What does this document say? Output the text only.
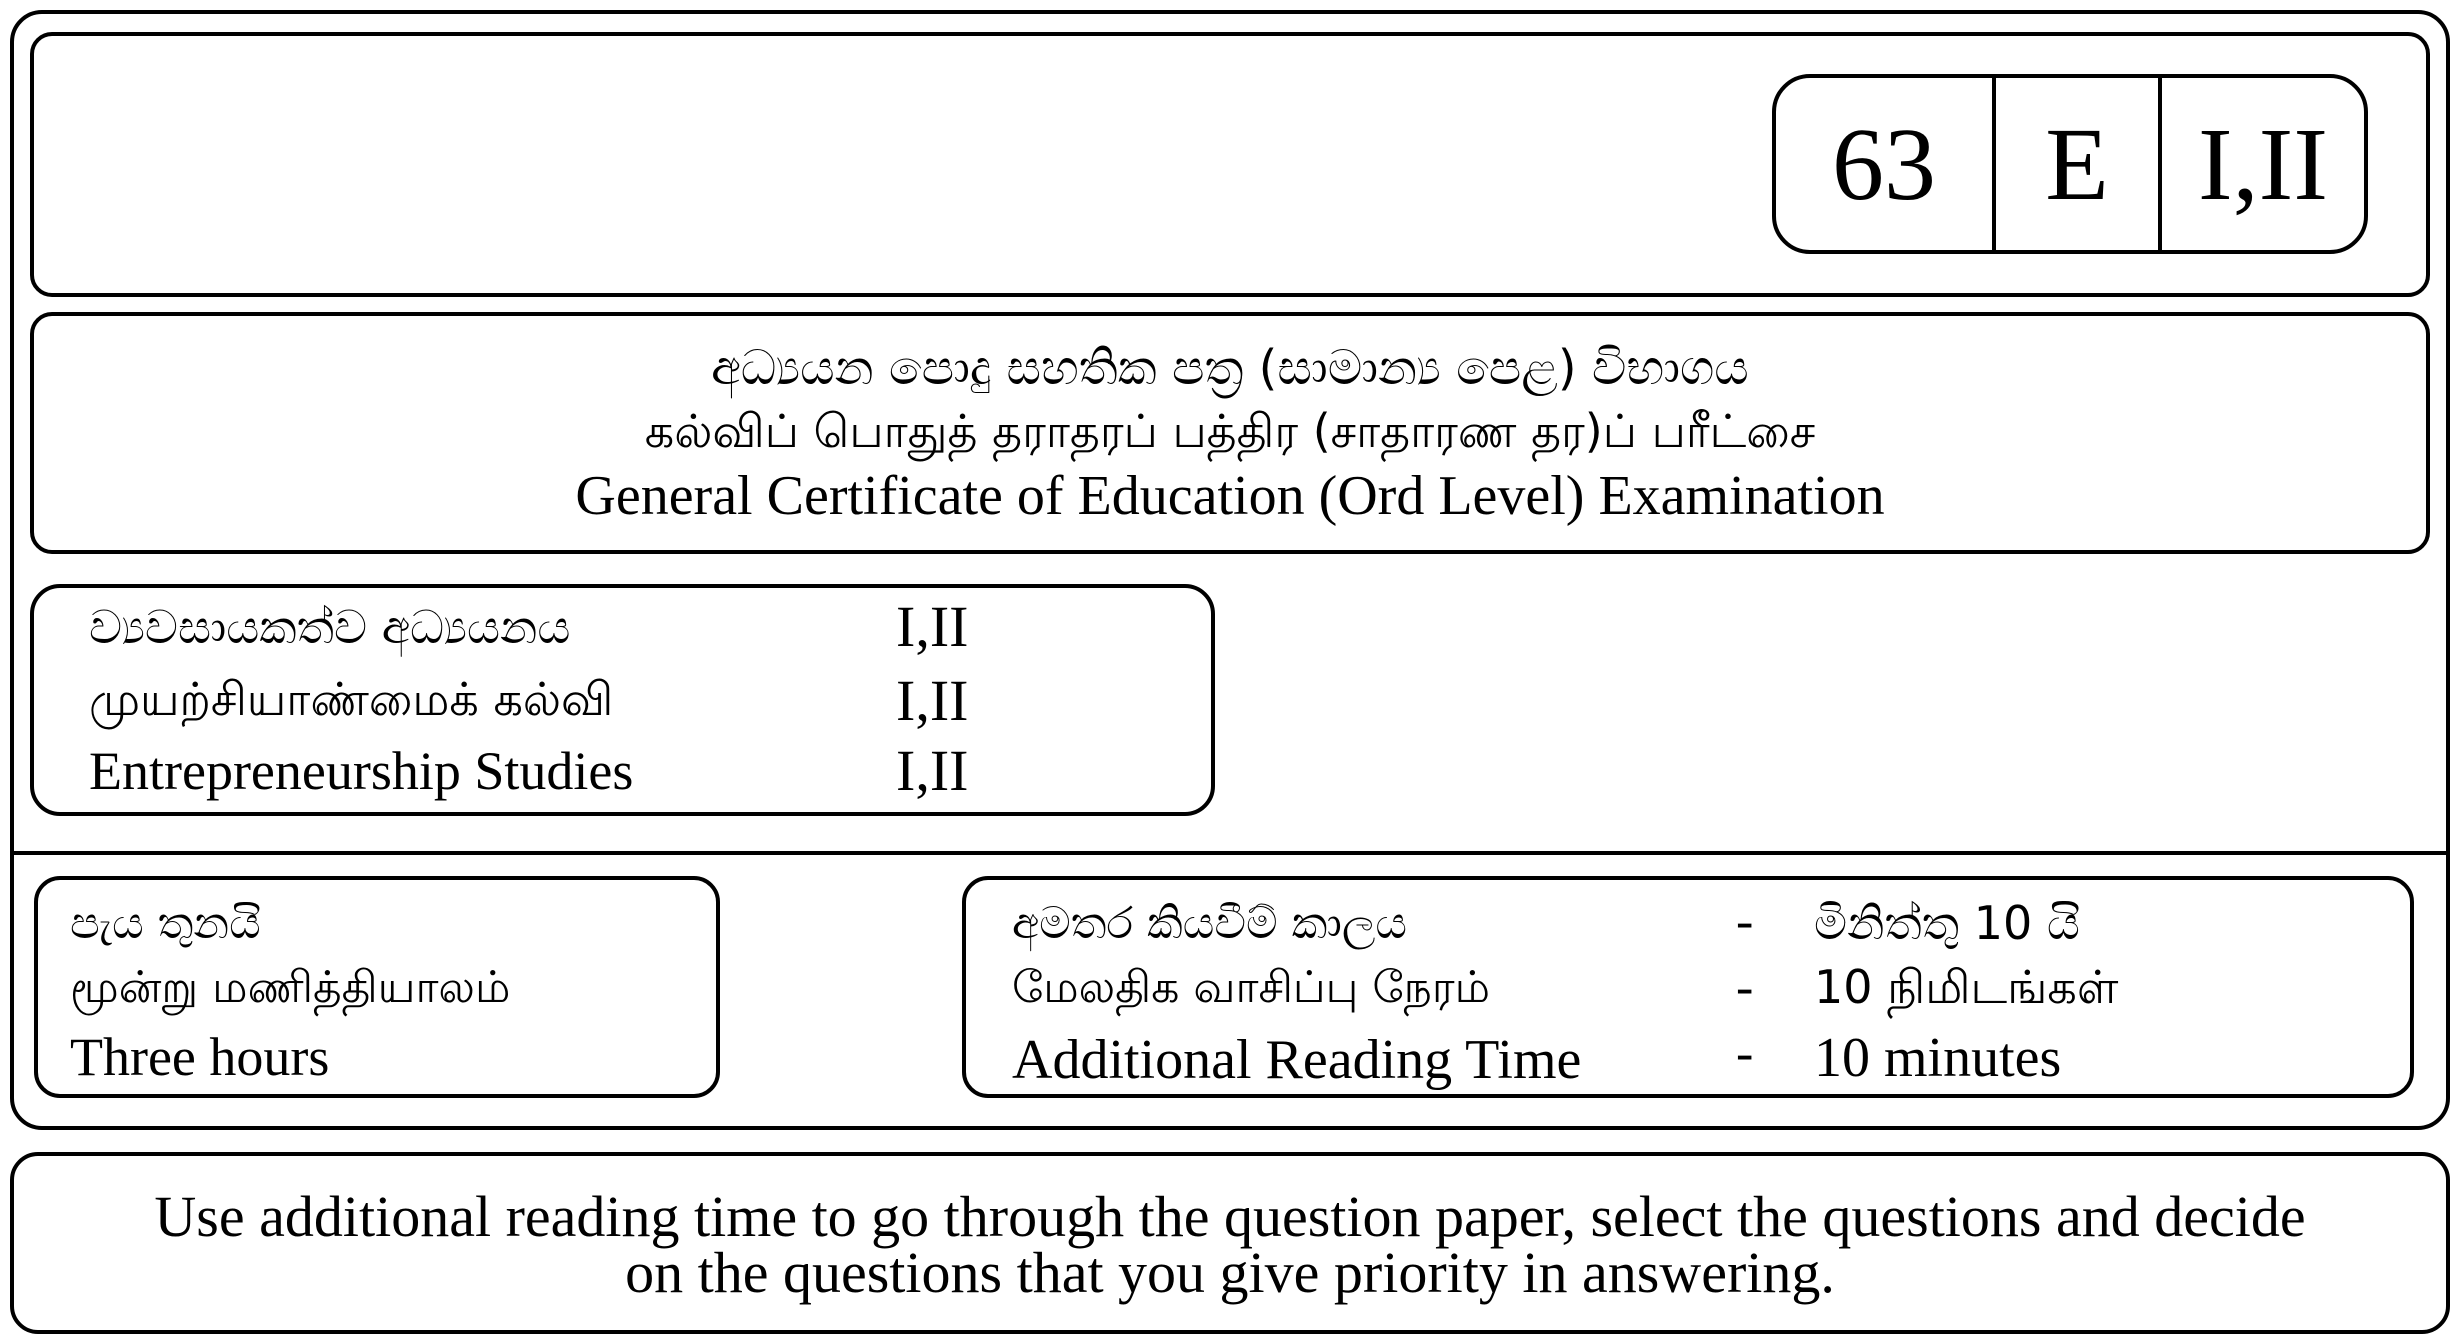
63	E I,II
අධ්‍යයන පොදු සහතික පත්‍ර (සාමාන්‍ය පෙළ) විභාගය
கல்விப் பொதுத் தராதரப் பத்திர (சாதாரண தர)ப் பரீட்சை
General Certificate of Education (Ord Level) Examination
ව්‍යවසායකත්ව අධ්‍යයනය	I,II
முயற்சியாண்மைக் கல்வி	I,II
Entrepreneurship Studies	I,II
පැය තුනයි
மூன்று மணித்தியாலம்
Three hours
අමතර කියවීම් කාලය	- මිනිත්තු 10 යි
மேலதிக வாசிப்பு நேரம்	- 10 நிமிடங்கள்
Additional Reading Time	- 10 minutes
Use additional reading time to go through the question paper, select the questions and decide
on the questions that you give priority in answering.
